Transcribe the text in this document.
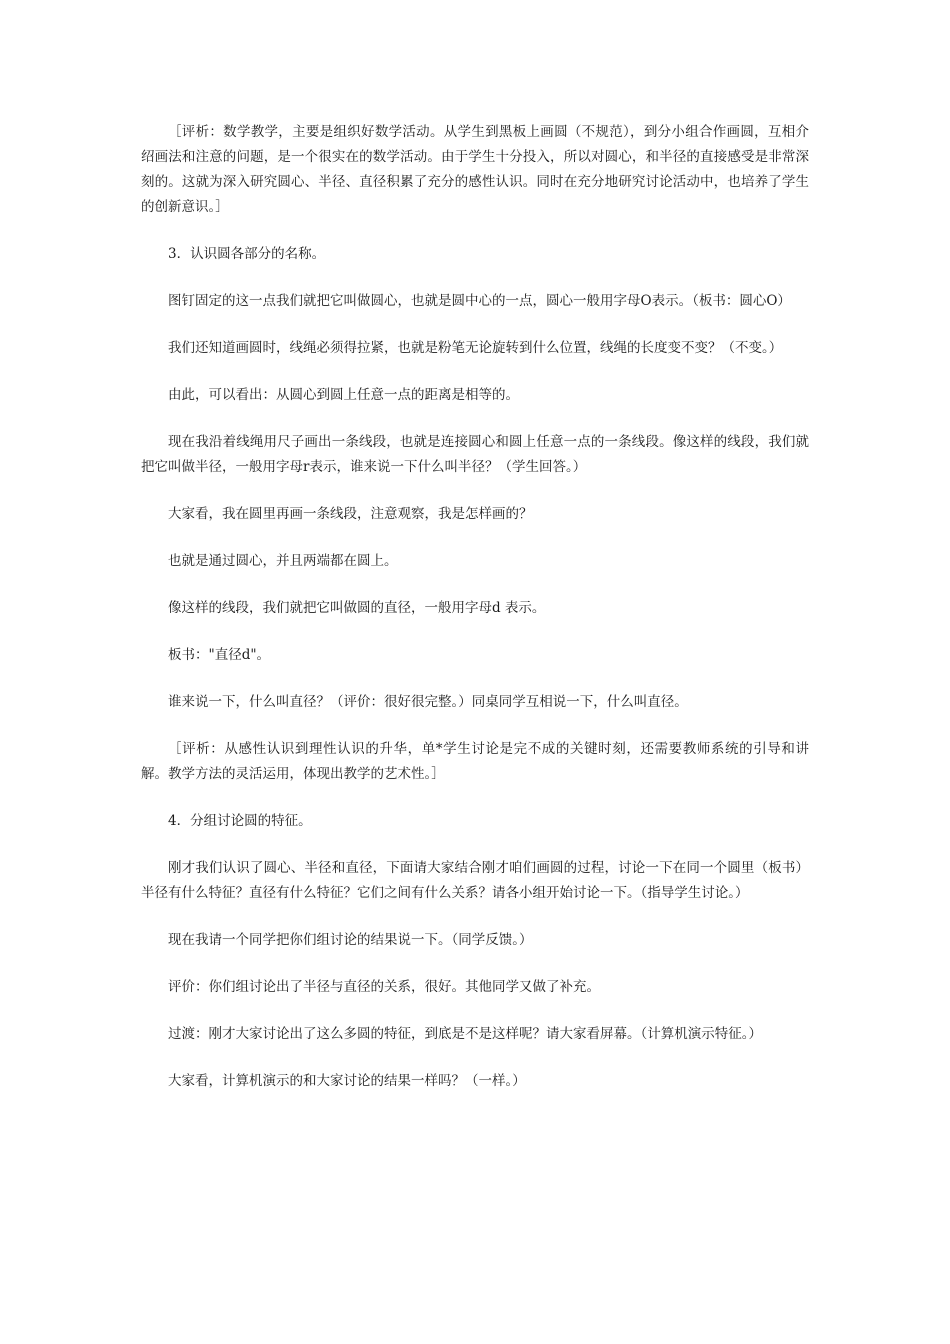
［评析：数学教学，主要是组织好数学活动。从学生到黑板上画圆（不规范），到分小组合作画圆，互相介绍画法和注意的问题，是一个很实在的数学活动。由于学生十分投入，所以对圆心，和半径的直接感受是非常深刻的。这就为深入研究圆心、半径、直径积累了充分的感性认识。同时在充分地研究讨论活动中，也培养了学生的创新意识。］

3．认识圆各部分的名称。

图钉固定的这一点我们就把它叫做圆心，也就是圆中心的一点，圆心一般用字母O表示。（板书：圆心O）

我们还知道画圆时，线绳必须得拉紧，也就是粉笔无论旋转到什么位置，线绳的长度变不变？（不变。）

由此，可以看出：从圆心到圆上任意一点的距离是相等的。

现在我沿着线绳用尺子画出一条线段，也就是连接圆心和圆上任意一点的一条线段。像这样的线段，我们就把它叫做半径，一般用字母r表示，谁来说一下什么叫半径？（学生回答。）

大家看，我在圆里再画一条线段，注意观察，我是怎样画的？

也就是通过圆心，并且两端都在圆上。

像这样的线段，我们就把它叫做圆的直径，一般用字母d 表示。

板书："直径d"。

谁来说一下，什么叫直径？（评价：很好很完整。）同桌同学互相说一下，什么叫直径。

［评析：从感性认识到理性认识的升华，单*学生讨论是完不成的关键时刻，还需要教师系统的引导和讲解。教学方法的灵活运用，体现出教学的艺术性。］

4．分组讨论圆的特征。

刚才我们认识了圆心、半径和直径，下面请大家结合刚才咱们画圆的过程，讨论一下在同一个圆里（板书）半径有什么特征？直径有什么特征？它们之间有什么关系？请各小组开始讨论一下。（指导学生讨论。）

现在我请一个同学把你们组讨论的结果说一下。（同学反馈。）

评价：你们组讨论出了半径与直径的关系，很好。其他同学又做了补充。

过渡：刚才大家讨论出了这么多圆的特征，到底是不是这样呢？请大家看屏幕。（计算机演示特征。）

大家看，计算机演示的和大家讨论的结果一样吗？（一样。）
